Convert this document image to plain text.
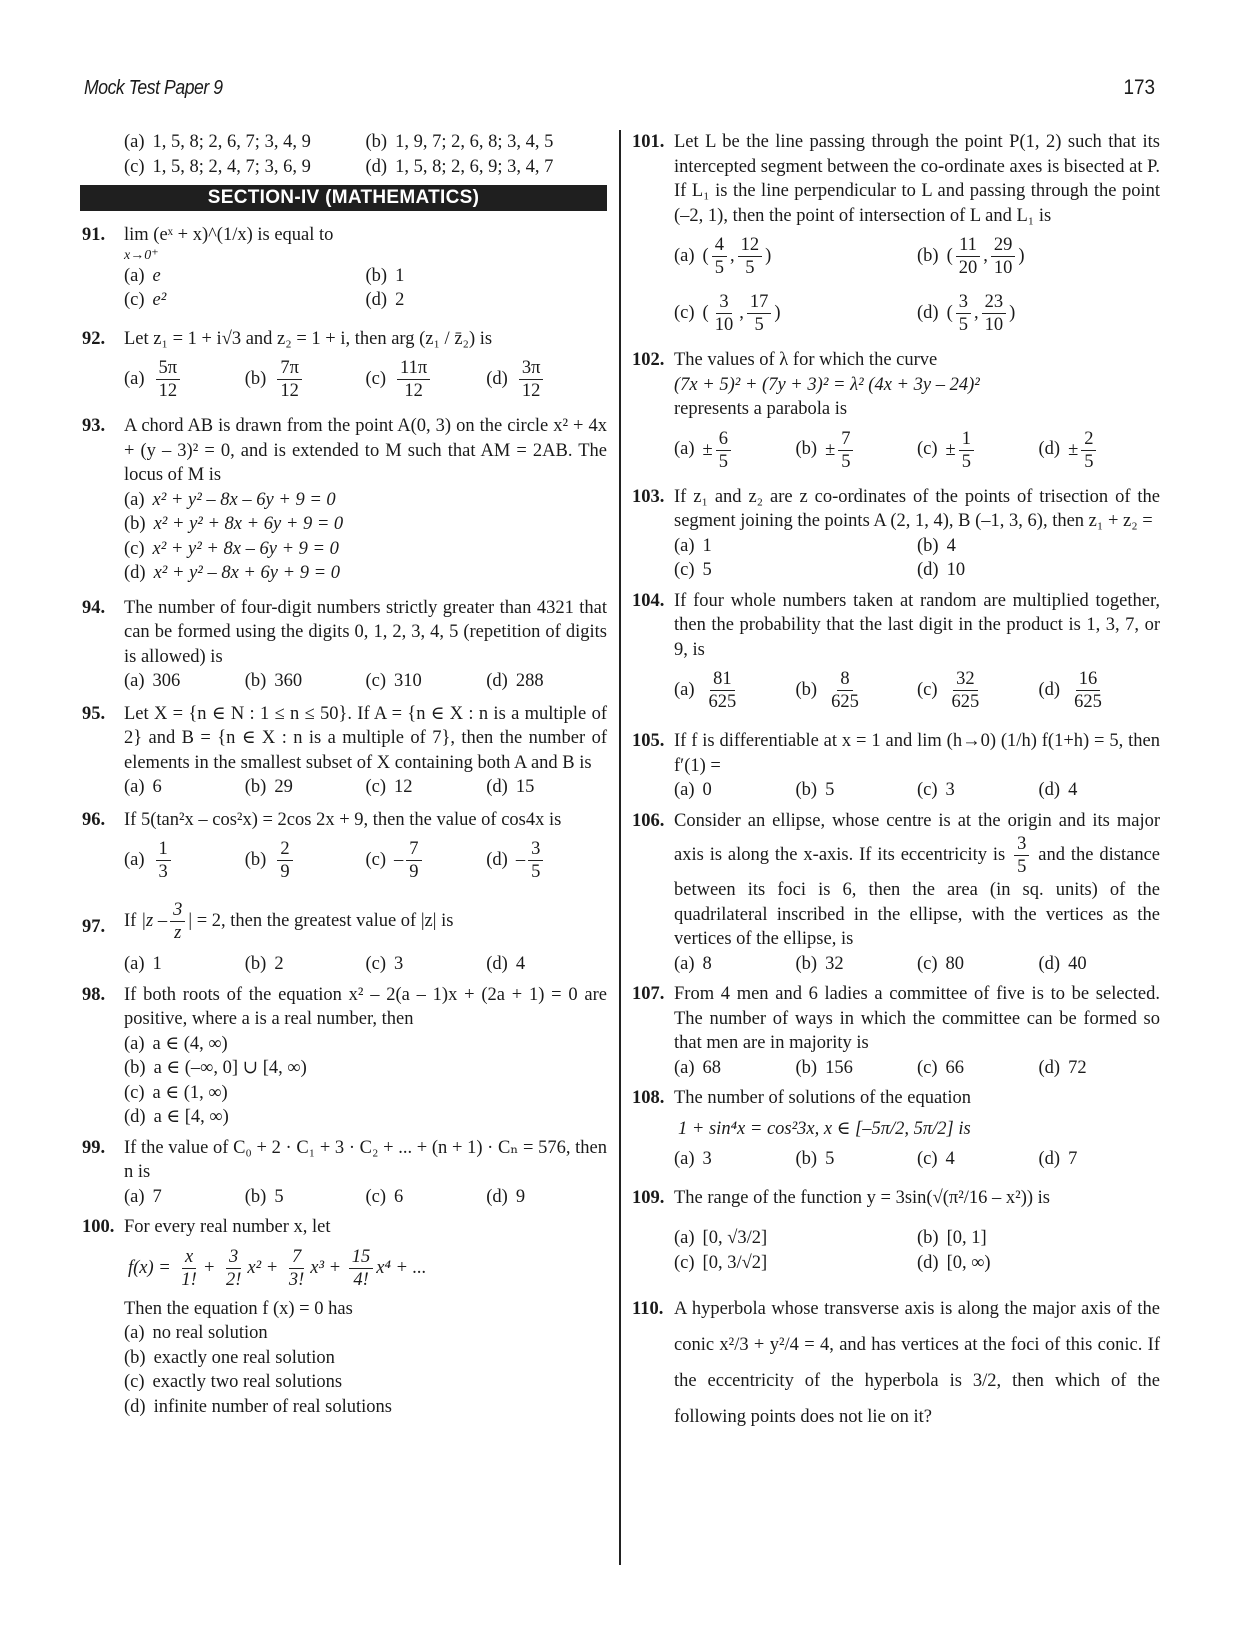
Mock Test Paper 9	173
(a) 1, 5, 8; 2, 6, 7; 3, 4, 9	(b) 1, 9, 7; 2, 6, 8; 3, 4, 5
(c) 1, 5, 8; 2, 4, 7; 3, 6, 9	(d) 1, 5, 8; 2, 6, 9; 3, 4, 7
SECTION-IV (MATHEMATICS)
91. lim (eˣ + x)^(1/x) is equal to
x→0⁺
(a) e	(b) 1
(c) e²	(d) 2
92. Let z₁ = 1 + i√3 and z₂ = 1 + i, then arg (z₁ / z̄₂) is
$(a) \frac{5\pi}{12}$	$(b) \frac{7\pi}{12}$	$(c) \frac{11\pi}{12}$	$(d) \frac{3\pi}{12}$
93. A chord AB is drawn from the point A(0, 3) on the circle x² + 4x + (y – 3)² = 0, and is extended to M such that AM = 2AB. The locus of M is
(a) x² + y² – 8x – 6y + 9 = 0
(b) x² + y² + 8x + 6y + 9 = 0
(c) x² + y² + 8x – 6y + 9 = 0
(d) x² + y² – 8x + 6y + 9 = 0
94. The number of four-digit numbers strictly greater than 4321 that can be formed using the digits 0, 1, 2, 3, 4, 5 (repetition of digits is allowed) is
(a) 306	(b) 360	(c) 310	(d) 288
95. Let X = {n ∈ N : 1 ≤ n ≤ 50}. If A = {n ∈ X : n is a multiple of 2} and B = {n ∈ X : n is a multiple of 7}, then the number of elements in the smallest subset of X containing both A and B is
(a) 6	(b) 29	(c) 12	(d) 15
96. If 5(tan²x – cos²x) = 2cos 2x + 9, then the value of cos4x is
$(a) \frac{1}{3}$	$(b) \frac{2}{9}$	$(c) - \frac{7}{9}$	$(d) - \frac{3}{5}$
97. If $|z - \frac{3}{z}$ | = 2, then the greatest value of |z| is
(a) 1	(b) 2	(c) 3	(d) 4
98. If both roots of the equation x² – 2(a – 1)x + (2a + 1) = 0 are positive, where a is a real number, then
(a) a ∈ (4, ∞)
(b) a ∈ (–∞, 0] ∪ [4, ∞)
(c) a ∈ (1, ∞)
(d) a ∈ [4, ∞)
99. If the value of C₀ + 2 · C₁ + 3 · C₂ + ... + (n + 1) · Cₙ = 576, then n is
(a) 7	(b) 5	(c) 6	(d) 9
100. For every real number x, let
$f(x) = \frac{x}{1!} + \frac{3}{2!} x^2 + \frac{7}{3!} x^3 + \frac{15}{4!} x^4$ + ...
Then the equation f (x) = 0 has
(a) no real solution
(b) exactly one real solution
(c) exactly two real solutions
(d) infinite number of real solutions
101. Let L be the line passing through the point P(1, 2) such that its intercepted segment between the co-ordinate axes is bisected at P. If L₁ is the line perpendicular to L and passing through the point (–2, 1), then the point of intersection of L and L₁ is
(a) ( $\frac{4}{5}$ , $\frac{12}{5}$ )	(b) ( $\frac{11}{20}$ , $\frac{29}{10}$ )
(c) ( $\frac{3}{10}$ , $\frac{17}{5}$ )	(d) ( $\frac{3}{5}$ , $\frac{23}{10}$ )
102. The values of λ for which the curve
(7x + 5)² + (7y + 3)² = λ² (4x + 3y – 24)²
represents a parabola is
$(a) \pm \frac{6}{5}$	$(b) \pm \frac{7}{5}$	$(c) \pm \frac{1}{5}$	$(d) \pm \frac{2}{5}$
103. If z₁ and z₂ are z co-ordinates of the points of trisection of the segment joining the points A (2, 1, 4), B (–1, 3, 6), then z₁ + z₂ =
(a) 1	(b) 4
(c) 5	(d) 10
104. If four whole numbers taken at random are multiplied together, then the probability that the last digit in the product is 1, 3, 7, or 9, is
$(a) \frac{81}{625}$	$(b) \frac{8}{625}$	$(c) \frac{32}{625}$	$(d) \frac{16}{625}$
105. If f is differentiable at x = 1 and lim (h→0) (1/h) f(1+h) = 5, then f′(1) =
(a) 0	(b) 5	(c) 3	(d) 4
106. Consider an ellipse, whose centre is at the origin and its major axis is along the x-axis. If its eccentricity is $\frac{3}{5}$ and the distance between its foci is 6, then the area (in sq. units) of the quadrilateral inscribed in the ellipse, with the vertices as the vertices of the ellipse, is
(a) 8	(b) 32	(c) 80	(d) 40
107. From 4 men and 6 ladies a committee of five is to be selected. The number of ways in which the committee can be formed so that men are in majority is
(a) 68	(b) 156	(c) 66	(d) 72
108. The number of solutions of the equation
1 + sin⁴x = cos²3x, x ∈ [–5π/2, 5π/2] is
(a) 3	(b) 5	(c) 4	(d) 7
109. The range of the function y = 3sin(√(π²/16 – x²)) is
(a) [0, √3/2]	(b) [0, 1]
(c) [0, 3/√2]	(d) [0, ∞)
110. A hyperbola whose transverse axis is along the major axis of the conic x²/3 + y²/4 = 4, and has vertices at the foci of this conic. If the eccentricity of the hyperbola is 3/2, then which of the following points does not lie on it?
